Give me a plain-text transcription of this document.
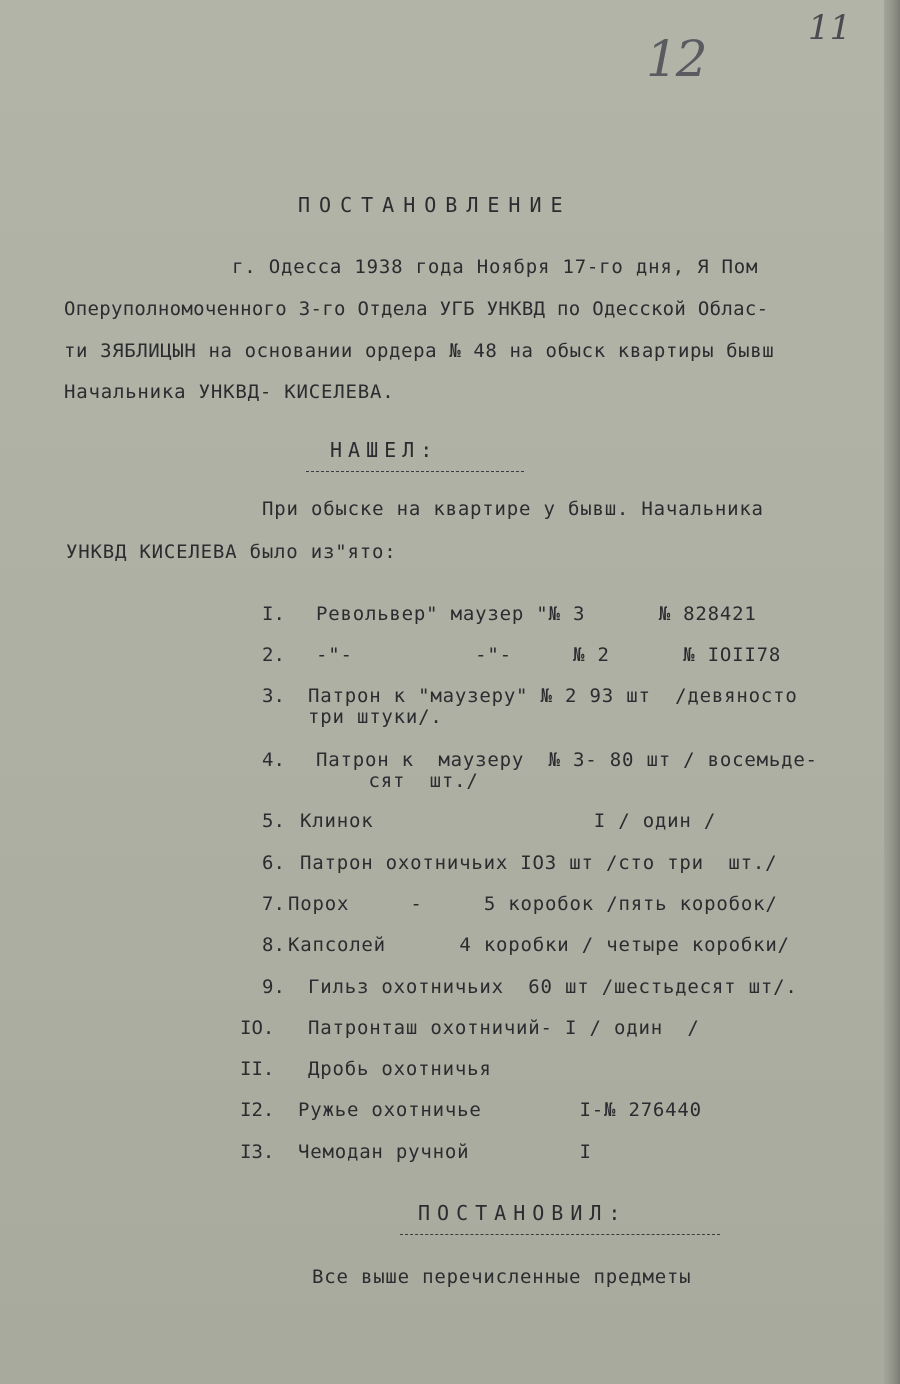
12
11
ПОСТАНОВЛЕНИЕ
г. Одесса 1938 года Ноября 17-го дня, Я Пом
Оперуполномоченного 3-го Отдела УГБ УНКВД по Одесской Облас-
ти ЗЯБЛИЦЫН на основании ордера № 48 на обыск квартиры бывш
Начальника УНКВД- КИСЕЛЕВА.
НАШЕЛ:
При обыске на квартире у бывш. Начальника
УНКВД КИСЕЛЕВА было из"ято:
I. Револьвер" маузер "№ 3      № 828421
2. -"-          -"-     № 2      № IOII78
3. Патрон к "маузеру" № 2 93 шт  /девяносто
три штуки/.
4. Патрон к  маузеру  № 3- 80 шт / восемьде-
сят  шт./
5. Клинок                  I / один /
6. Патрон охотничьих IO3 шт /сто три  шт./
7. Порох     -     5 коробок /пять коробок/
8. Капсолей      4 коробки / четыре коробки/
9. Гильз охотничьих  60 шт /шестьдесят шт/.
IO. Патронташ охотничий- I / один  /
II. Дробь охотничья
I2. Ружье охотничье        I-№ 276440
I3. Чемодан ручной         I
ПОСТАНОВИЛ:
Все выше перечисленные предметы
